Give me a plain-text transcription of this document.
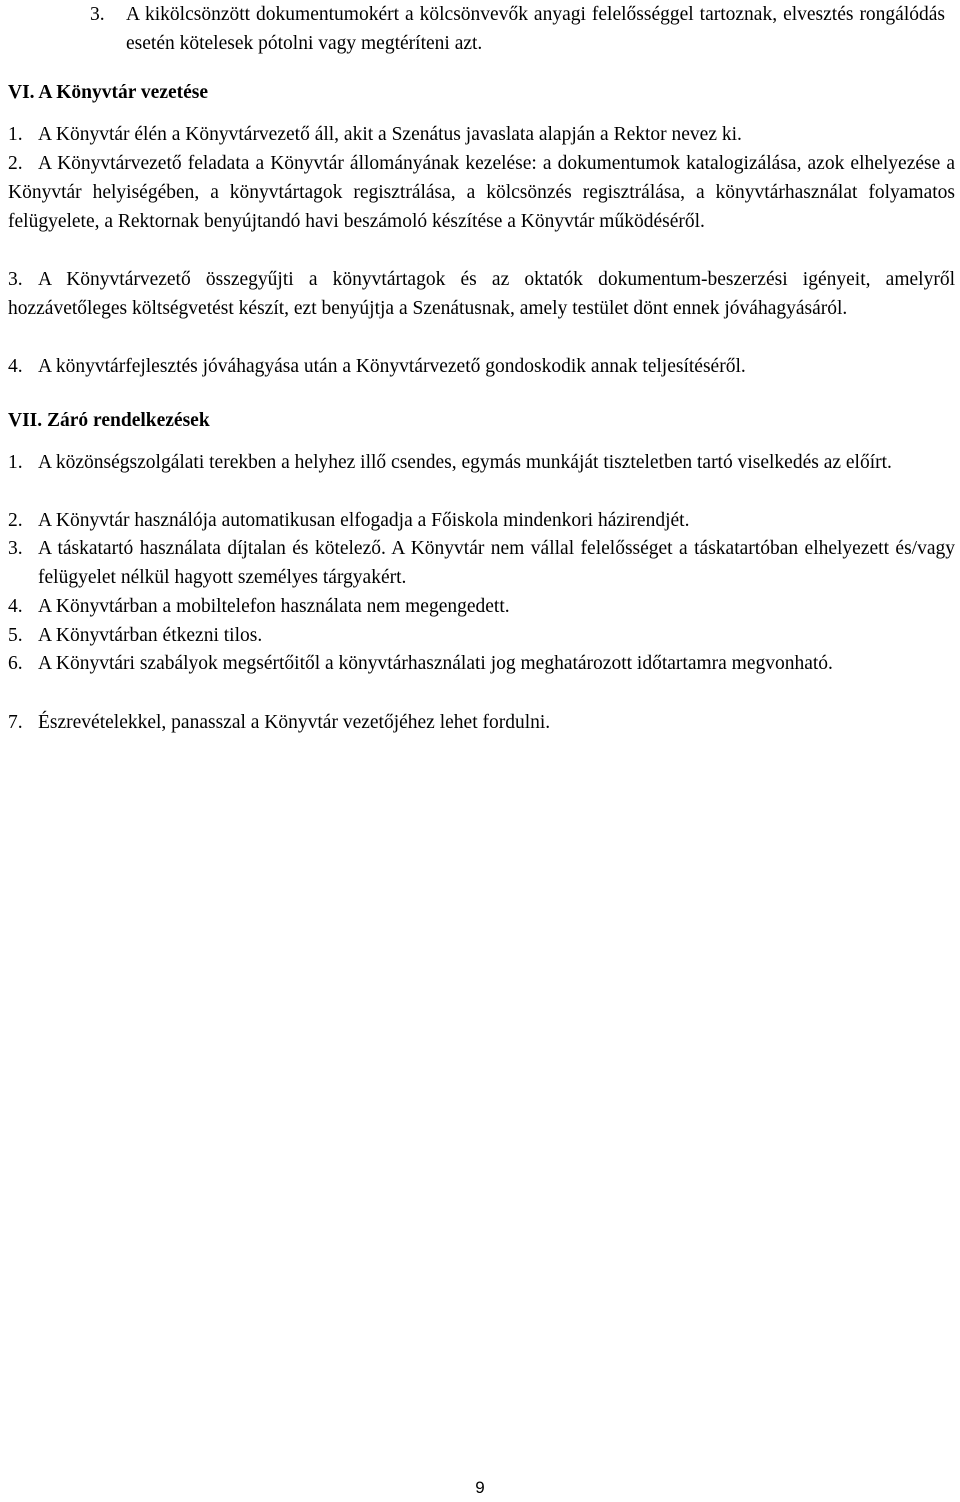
3.	A kikölcsönzött dokumentumokért a kölcsönvevők anyagi felelősséggel tartoznak, elvesztés rongálódás esetén kötelesek pótolni vagy megtéríteni azt.
VI. A Könyvtár vezetése
1. A Könyvtár élén a Könyvtárvezető áll, akit a Szenátus javaslata alapján a Rektor nevez ki.
2. A Könyvtárvezető feladata a Könyvtár állományának kezelése: a dokumentumok katalogizálása, azok elhelyezése a Könyvtár helyiségében, a könyvtártagok regisztrálása, a kölcsönzés regisztrálása, a könyvtárhasználat folyamatos felügyelete, a Rektornak benyújtandó havi beszámoló készítése a Könyvtár működéséről.
3. A Könyvtárvezető összegyűjti a könyvtártagok és az oktatók dokumentum-beszerzési igényeit, amelyről hozzávetőleges költségvetést készít, ezt benyújtja a Szenátusnak, amely testület dönt ennek jóváhagyásáról.
4. A könyvtárfejlesztés jóváhagyása után a Könyvtárvezető gondoskodik annak teljesítéséről.
VII. Záró rendelkezések
1. A közönségszolgálati terekben a helyhez illő csendes, egymás munkáját tiszteletben tartó viselkedés az előírt.
2. A Könyvtár használója automatikusan elfogadja a Főiskola mindenkori házirendjét.
3. A táskatartó használata díjtalan és kötelező. A Könyvtár nem vállal felelősséget a táskatartóban elhelyezett és/vagy felügyelet nélkül hagyott személyes tárgyakért.
4. A Könyvtárban a mobiltelefon használata nem megengedett.
5. A Könyvtárban étkezni tilos.
6. A Könyvtári szabályok megsértőitől a könyvtárhasználati jog meghatározott időtartamra megvonható.
7. Észrevételekkel, panasszal a Könyvtár vezetőjéhez lehet fordulni.
9
